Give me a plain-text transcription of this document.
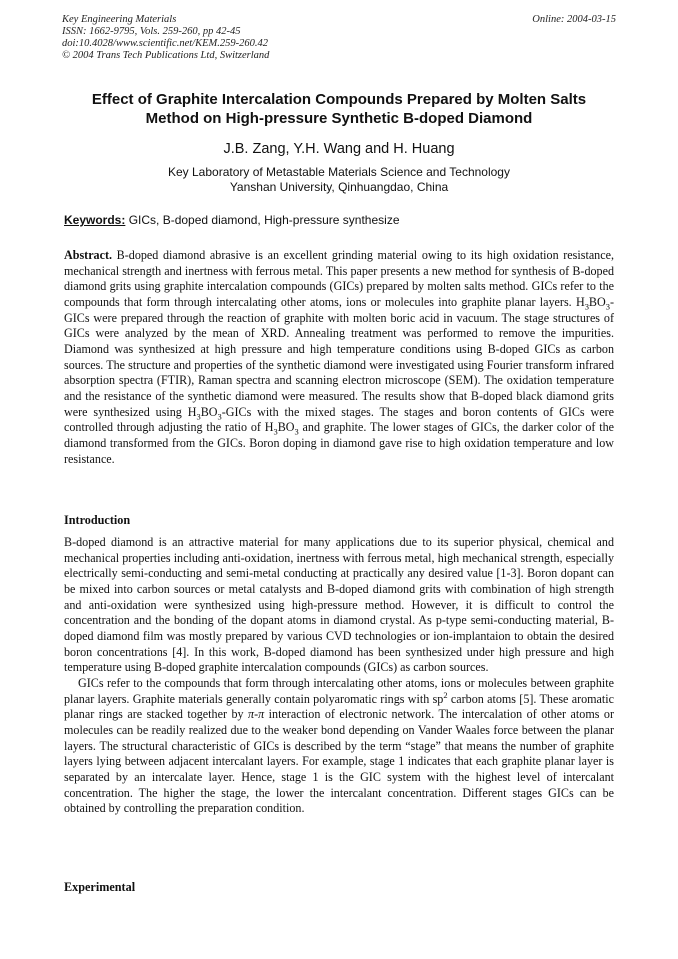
Key Engineering Materials
ISSN: 1662-9795, Vols. 259-260, pp 42-45
doi:10.4028/www.scientific.net/KEM.259-260.42
© 2004 Trans Tech Publications Ltd, Switzerland
Online: 2004-03-15
Effect of Graphite Intercalation Compounds Prepared by Molten Salts
Method on High-pressure Synthetic B-doped Diamond
J.B. Zang, Y.H. Wang and H. Huang
Key Laboratory of Metastable Materials Science and Technology
Yanshan University, Qinhuangdao, China
Keywords: GICs, B-doped diamond, High-pressure synthesize
Abstract. B-doped diamond abrasive is an excellent grinding material owing to its high oxidation resistance, mechanical strength and inertness with ferrous metal. This paper presents a new method for synthesis of B-doped diamond grits using graphite intercalation compounds (GICs) prepared by molten salts method. GICs refer to the compounds that form through intercalating other atoms, ions or molecules into graphite planar layers. $H_3BO_3$-GICs were prepared through the reaction of graphite with molten boric acid in vacuum. The stage structures of GICs were analyzed by the mean of XRD. Annealing treatment was performed to remove the impurities. Diamond was synthesized at high pressure and high temperature conditions using B-doped GICs as carbon sources. The structure and properties of the synthetic diamond were investigated using Fourier transform infrared absorption spectra (FTIR), Raman spectra and scanning electron microscope (SEM). The oxidation temperature and the resistance of the synthetic diamond were measured. The results show that B-doped black diamond grits were synthesized using $H_3BO_3$-GICs with the mixed stages. The stages and boron contents of GICs were controlled through adjusting the ratio of $H_3BO_3$ and graphite. The lower stages of GICs, the darker color of the diamond transformed from the GICs. Boron doping in diamond gave rise to high oxidation temperature and low resistance.
Introduction

B-doped diamond is an attractive material for many applications due to its superior physical, chemical and mechanical properties including anti-oxidation, inertness with ferrous metal, high mechanical strength, especially electrically semi-conducting and semi-metal conducting at practically any desired value [1-3]. Boron dopant can be mixed into carbon sources or metal catalysts and B-doped diamond grits with combination of high strength and anti-oxidation were synthesized using high-pressure method. However, it is difficult to control the concentration and the bonding of the dopant atoms in diamond crystal. As p-type semi-conducting material, B-doped diamond film was mostly prepared by various CVD technologies or ion-implantaion to obtain the desired boron concentrations [4]. In this work, B-doped diamond has been synthesized under high pressure and high temperature using B-doped graphite intercalation compounds (GICs) as carbon sources.

GICs refer to the compounds that form through intercalating other atoms, ions or molecules between graphite planar layers. Graphite materials generally contain polyaromatic rings with $sp^2$ carbon atoms [5]. These aromatic planar rings are stacked together by π-π interaction of electronic network. The intercalation of other atoms or molecules can be readily realized due to the weaker bond depending on Vander Waales force between the planar layers. The structural characteristic of GICs is described by the term “stage” that means the number of graphite layers lying between adjacent intercalant layers. For example, stage 1 indicates that each graphite planar layer is separated by an intercalate layer. Hence, stage 1 is the GIC system with the highest level of intercalant concentration. The higher the stage, the lower the intercalant concentration. Different stages GICs can be obtained by controlling the preparation condition.

Experimental
